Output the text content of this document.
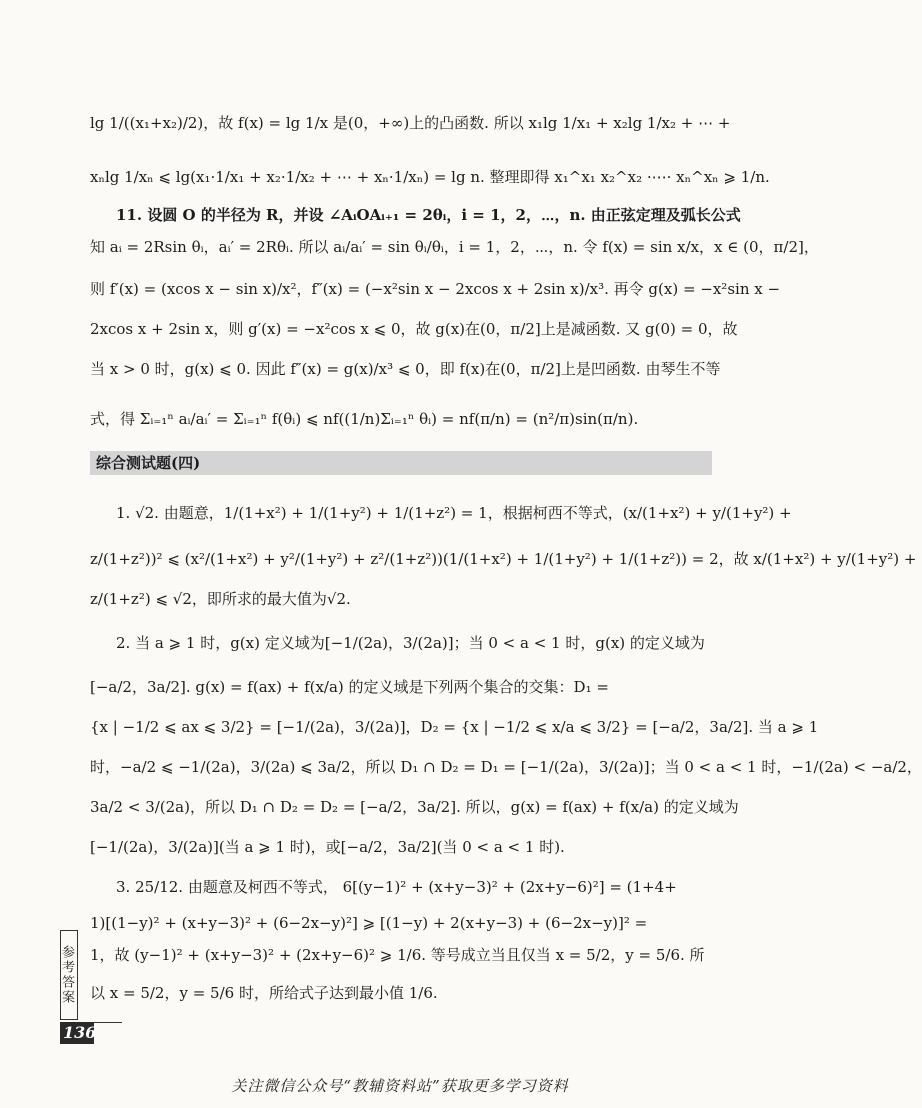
lg 1/((x₁+x₂)/2)，故 f(x) = lg 1/x 是(0，+∞)上的凸函数. 所以 x₁lg 1/x₁ + x₂lg 1/x₂ + ⋯ +
xₙlg 1/xₙ ⩽ lg(x₁·1/x₁ + x₂·1/x₂ + ⋯ + xₙ·1/xₙ) = lg n. 整理即得 x₁^x₁ x₂^x₂ ·⋯· xₙ^xₙ ⩾ 1/n.
11. 设圆 O 的半径为 R，并设 ∠AᵢOAᵢ₊₁ = 2θᵢ，i = 1，2，⋯，n. 由正弦定理及弧长公式
知 aᵢ = 2Rsin θᵢ，aᵢ′ = 2Rθᵢ. 所以 aᵢ/aᵢ′ = sin θᵢ/θᵢ，i = 1，2，⋯，n. 令 f(x) = sin x/x，x ∈ (0，π/2]，
则 f′(x) = (xcos x − sin x)/x²，f″(x) = (−x²sin x − 2xcos x + 2sin x)/x³. 再令 g(x) = −x²sin x −
2xcos x + 2sin x，则 g′(x) = −x²cos x ⩽ 0，故 g(x)在(0，π/2]上是减函数. 又 g(0) = 0，故
当 x > 0 时，g(x) ⩽ 0. 因此 f″(x) = g(x)/x³ ⩽ 0，即 f(x)在(0，π/2]上是凹函数. 由琴生不等
式，得 Σᵢ₌₁ⁿ aᵢ/aᵢ′ = Σᵢ₌₁ⁿ f(θᵢ) ⩽ nf((1/n)Σᵢ₌₁ⁿ θᵢ) = nf(π/n) = (n²/π)sin(π/n).
综合测试题(四)
1. √2. 由题意，1/(1+x²) + 1/(1+y²) + 1/(1+z²) = 1，根据柯西不等式，(x/(1+x²) + y/(1+y²) +
z/(1+z²))² ⩽ (x²/(1+x²) + y²/(1+y²) + z²/(1+z²))(1/(1+x²) + 1/(1+y²) + 1/(1+z²)) = 2，故 x/(1+x²) + y/(1+y²) +
z/(1+z²) ⩽ √2，即所求的最大值为√2.
2. 当 a ⩾ 1 时，g(x) 定义域为[−1/(2a)，3/(2a)]；当 0 < a < 1 时，g(x) 的定义域为
[−a/2，3a/2]. g(x) = f(ax) + f(x/a) 的定义域是下列两个集合的交集：D₁ =
{x | −1/2 ⩽ ax ⩽ 3/2} = [−1/(2a)，3/(2a)]，D₂ = {x | −1/2 ⩽ x/a ⩽ 3/2} = [−a/2，3a/2]. 当 a ⩾ 1
时，−a/2 ⩽ −1/(2a)，3/(2a) ⩽ 3a/2，所以 D₁ ∩ D₂ = D₁ = [−1/(2a)，3/(2a)]；当 0 < a < 1 时，−1/(2a) < −a/2，
3a/2 < 3/(2a)，所以 D₁ ∩ D₂ = D₂ = [−a/2，3a/2]. 所以，g(x) = f(ax) + f(x/a) 的定义域为
[−1/(2a)，3/(2a)](当 a ⩾ 1 时)，或[−a/2，3a/2](当 0 < a < 1 时).
3. 25/12. 由题意及柯西不等式， 6[(y−1)² + (x+y−3)² + (2x+y−6)²] = (1+4+
1)[(1−y)² + (x+y−3)² + (6−2x−y)²] ⩾ [(1−y) + 2(x+y−3) + (6−2x−y)]² =
1，故 (y−1)² + (x+y−3)² + (2x+y−6)² ⩾ 1/6. 等号成立当且仅当 x = 5/2，y = 5/6. 所
以 x = 5/2，y = 5/6 时，所给式子达到最小值 1/6.
参考答案
136
关注微信公众号“教辅资料站”获取更多学习资料
